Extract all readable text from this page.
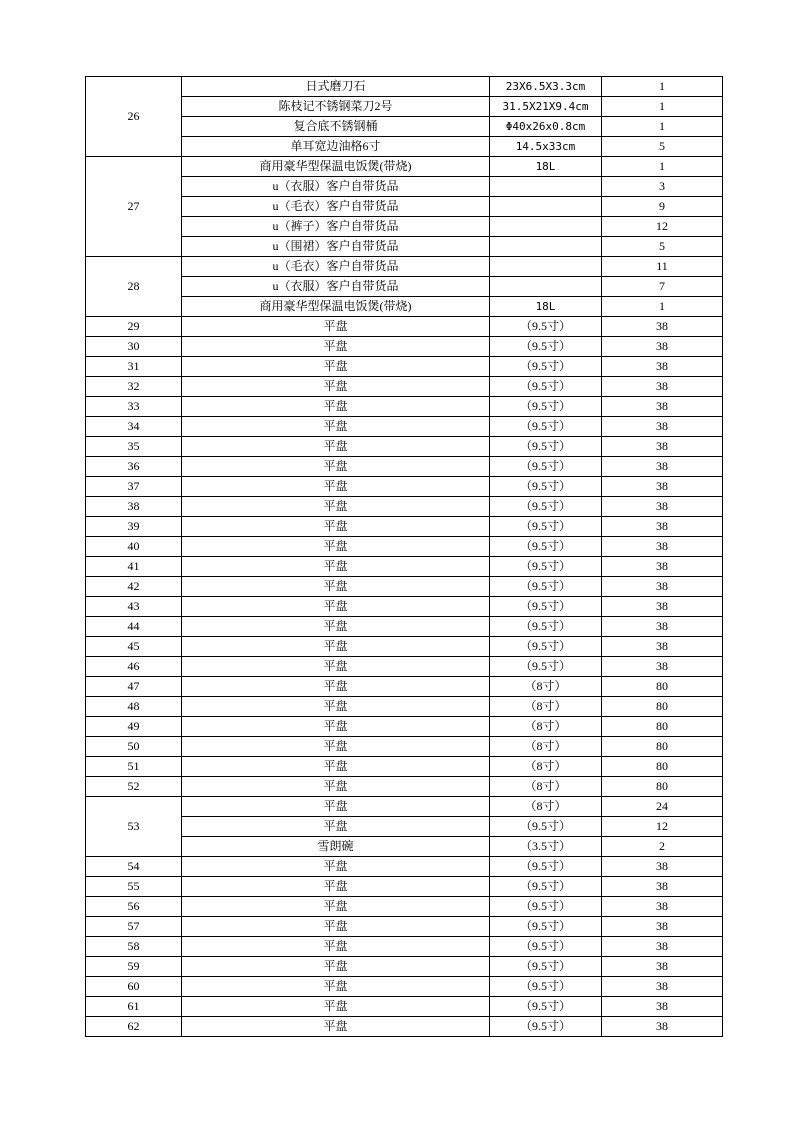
26	日式磨刀石	23X6.5X3.3cm	1
	陈枝记不锈钢菜刀2号	31.5X21X9.4cm	1
	复合底不锈钢桶	Φ40x26x0.8cm	1
	单耳宽边油格6寸	14.5x33cm	5
27	商用豪华型保温电饭煲(带烧)	18L	1
	u（衣服）客户自带货品		3
	u（毛衣）客户自带货品		9
	u（裤子）客户自带货品		12
	u（围裙）客户自带货品		5
28	u（毛衣）客户自带货品		11
	u（衣服）客户自带货品		7
	商用豪华型保温电饭煲(带烧)	18L	1
29	平盘	（9.5寸）	38
30	平盘	（9.5寸）	38
31	平盘	（9.5寸）	38
32	平盘	（9.5寸）	38
33	平盘	（9.5寸）	38
34	平盘	（9.5寸）	38
35	平盘	（9.5寸）	38
36	平盘	（9.5寸）	38
37	平盘	（9.5寸）	38
38	平盘	（9.5寸）	38
39	平盘	（9.5寸）	38
40	平盘	（9.5寸）	38
41	平盘	（9.5寸）	38
42	平盘	（9.5寸）	38
43	平盘	（9.5寸）	38
44	平盘	（9.5寸）	38
45	平盘	（9.5寸）	38
46	平盘	（9.5寸）	38
47	平盘	（8寸）	80
48	平盘	（8寸）	80
49	平盘	（8寸）	80
50	平盘	（8寸）	80
51	平盘	（8寸）	80
52	平盘	（8寸）	80
53	平盘	（8寸）	24
	平盘	（9.5寸）	12
	雪朗碗	（3.5寸）	2
54	平盘	（9.5寸）	38
55	平盘	（9.5寸）	38
56	平盘	（9.5寸）	38
57	平盘	（9.5寸）	38
58	平盘	（9.5寸）	38
59	平盘	（9.5寸）	38
60	平盘	（9.5寸）	38
61	平盘	（9.5寸）	38
62	平盘	（9.5寸）	38
